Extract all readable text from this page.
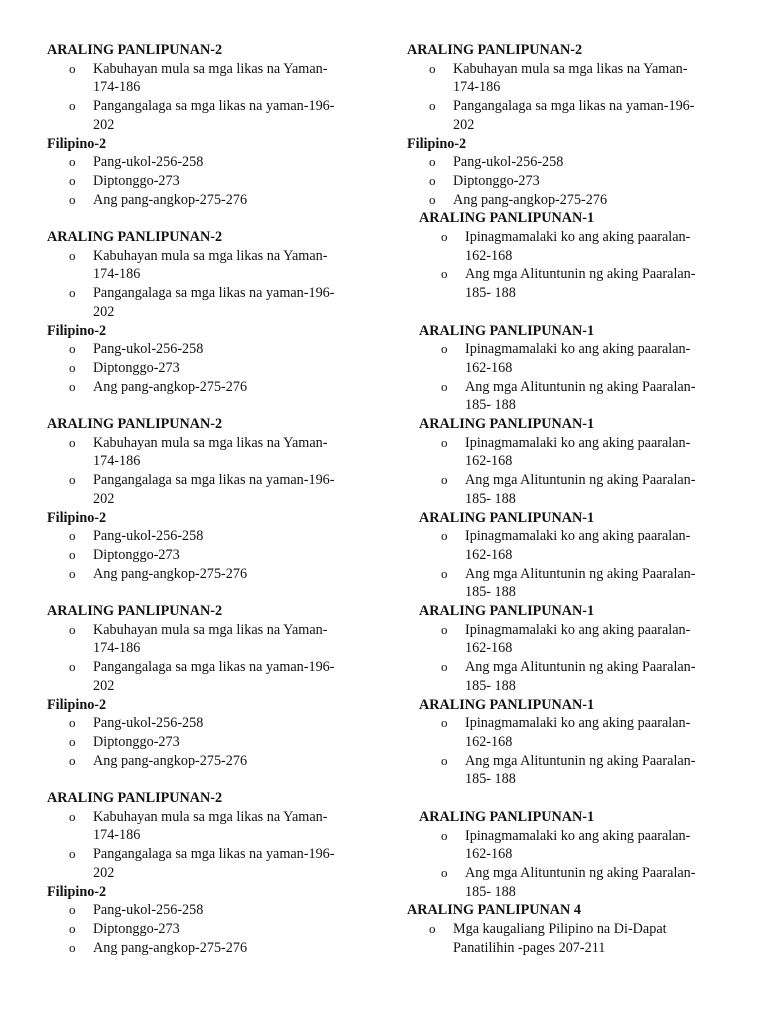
ARALING PANLIPUNAN-2
o Kabuhayan mula sa mga likas na Yaman-
174-186
o Pangangalaga sa mga likas na yaman-196-
202
Filipino-2
o Pang-ukol-256-258
o Diptonggo-273
o Ang pang-angkop-275-276
ARALING PANLIPUNAN-2
o Kabuhayan mula sa mga likas na Yaman-
174-186
o Pangangalaga sa mga likas na yaman-196-
202
Filipino-2
o Pang-ukol-256-258
o Diptonggo-273
o Ang pang-angkop-275-276
ARALING PANLIPUNAN-2
o Kabuhayan mula sa mga likas na Yaman-
174-186
o Pangangalaga sa mga likas na yaman-196-
202
Filipino-2
o Pang-ukol-256-258
o Diptonggo-273
o Ang pang-angkop-275-276
ARALING PANLIPUNAN-2
o Kabuhayan mula sa mga likas na Yaman-
174-186
o Pangangalaga sa mga likas na yaman-196-
202
Filipino-2
o Pang-ukol-256-258
o Diptonggo-273
o Ang pang-angkop-275-276
ARALING PANLIPUNAN-2
o Kabuhayan mula sa mga likas na Yaman-
174-186
o Pangangalaga sa mga likas na yaman-196-
202
Filipino-2
o Pang-ukol-256-258
o Diptonggo-273
o Ang pang-angkop-275-276
ARALING PANLIPUNAN-2
o Kabuhayan mula sa mga likas na Yaman-
174-186
o Pangangalaga sa mga likas na yaman-196-
202
Filipino-2
o Pang-ukol-256-258
o Diptonggo-273
o Ang pang-angkop-275-276
ARALING PANLIPUNAN-1
o Ipinagmamalaki ko ang aking paaralan-
162-168
o Ang mga Alituntunin ng aking Paaralan-
185- 188
ARALING PANLIPUNAN-1
o Ipinagmamalaki ko ang aking paaralan-
162-168
o Ang mga Alituntunin ng aking Paaralan-
185- 188
ARALING PANLIPUNAN-1
o Ipinagmamalaki ko ang aking paaralan-
162-168
o Ang mga Alituntunin ng aking Paaralan-
185- 188
ARALING PANLIPUNAN-1
o Ipinagmamalaki ko ang aking paaralan-
162-168
o Ang mga Alituntunin ng aking Paaralan-
185- 188
ARALING PANLIPUNAN-1
o Ipinagmamalaki ko ang aking paaralan-
162-168
o Ang mga Alituntunin ng aking Paaralan-
185- 188
ARALING PANLIPUNAN-1
o Ipinagmamalaki ko ang aking paaralan-
162-168
o Ang mga Alituntunin ng aking Paaralan-
185- 188
ARALING PANLIPUNAN-1
o Ipinagmamalaki ko ang aking paaralan-
162-168
o Ang mga Alituntunin ng aking Paaralan-
185- 188
ARALING PANLIPUNAN 4
o Mga kaugaliang Pilipino na Di-Dapat
Panatilihin -pages 207-211
